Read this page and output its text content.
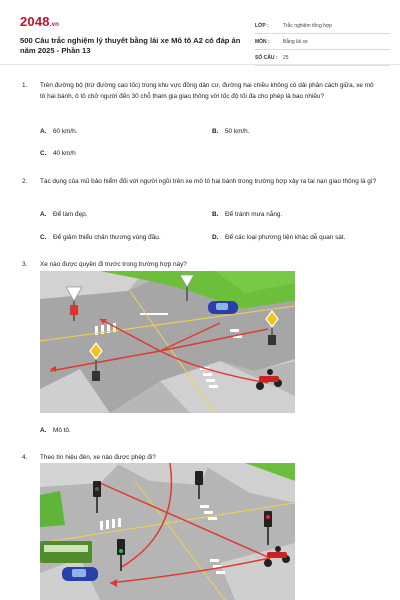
2048.vn
500 Câu trắc nghiệm lý thuyết bằng lái xe Mô tô A2 có đáp án năm 2025 - Phần 13
LỚP :	Trắc nghiệm tổng hợp
MÔN :	Bằng lái xe
SỐ CÂU :	25
1.	Trên đường bộ (trừ đường cao tốc) trong khu vực đông dân cư, đường hai chiều không có dải phân cách giữa, xe mô tô hai bánh, ô tô chở người đến 30 chỗ tham gia giao thông với tốc độ tối đa cho phép là bao nhiêu?
A. 60 km/h.	B. 50 km/h.
C. 40 km/h
2.	Tác dụng của mũ bảo hiểm đối với người ngồi trên xe mô tô hai bánh trong trường hợp xảy ra tai nạn giao thông là gì?
A. Để làm đẹp.	B. Để tránh mưa nắng.
C. Để giảm thiểu chấn thương vùng đầu.	D. Để các loại phương tiện khác dễ quan sát.
3.	Xe nào được quyền đi trước trong trường hợp này?
A. Mô tô.
4.	Theo tín hiệu đèn, xe nào được phép đi?
